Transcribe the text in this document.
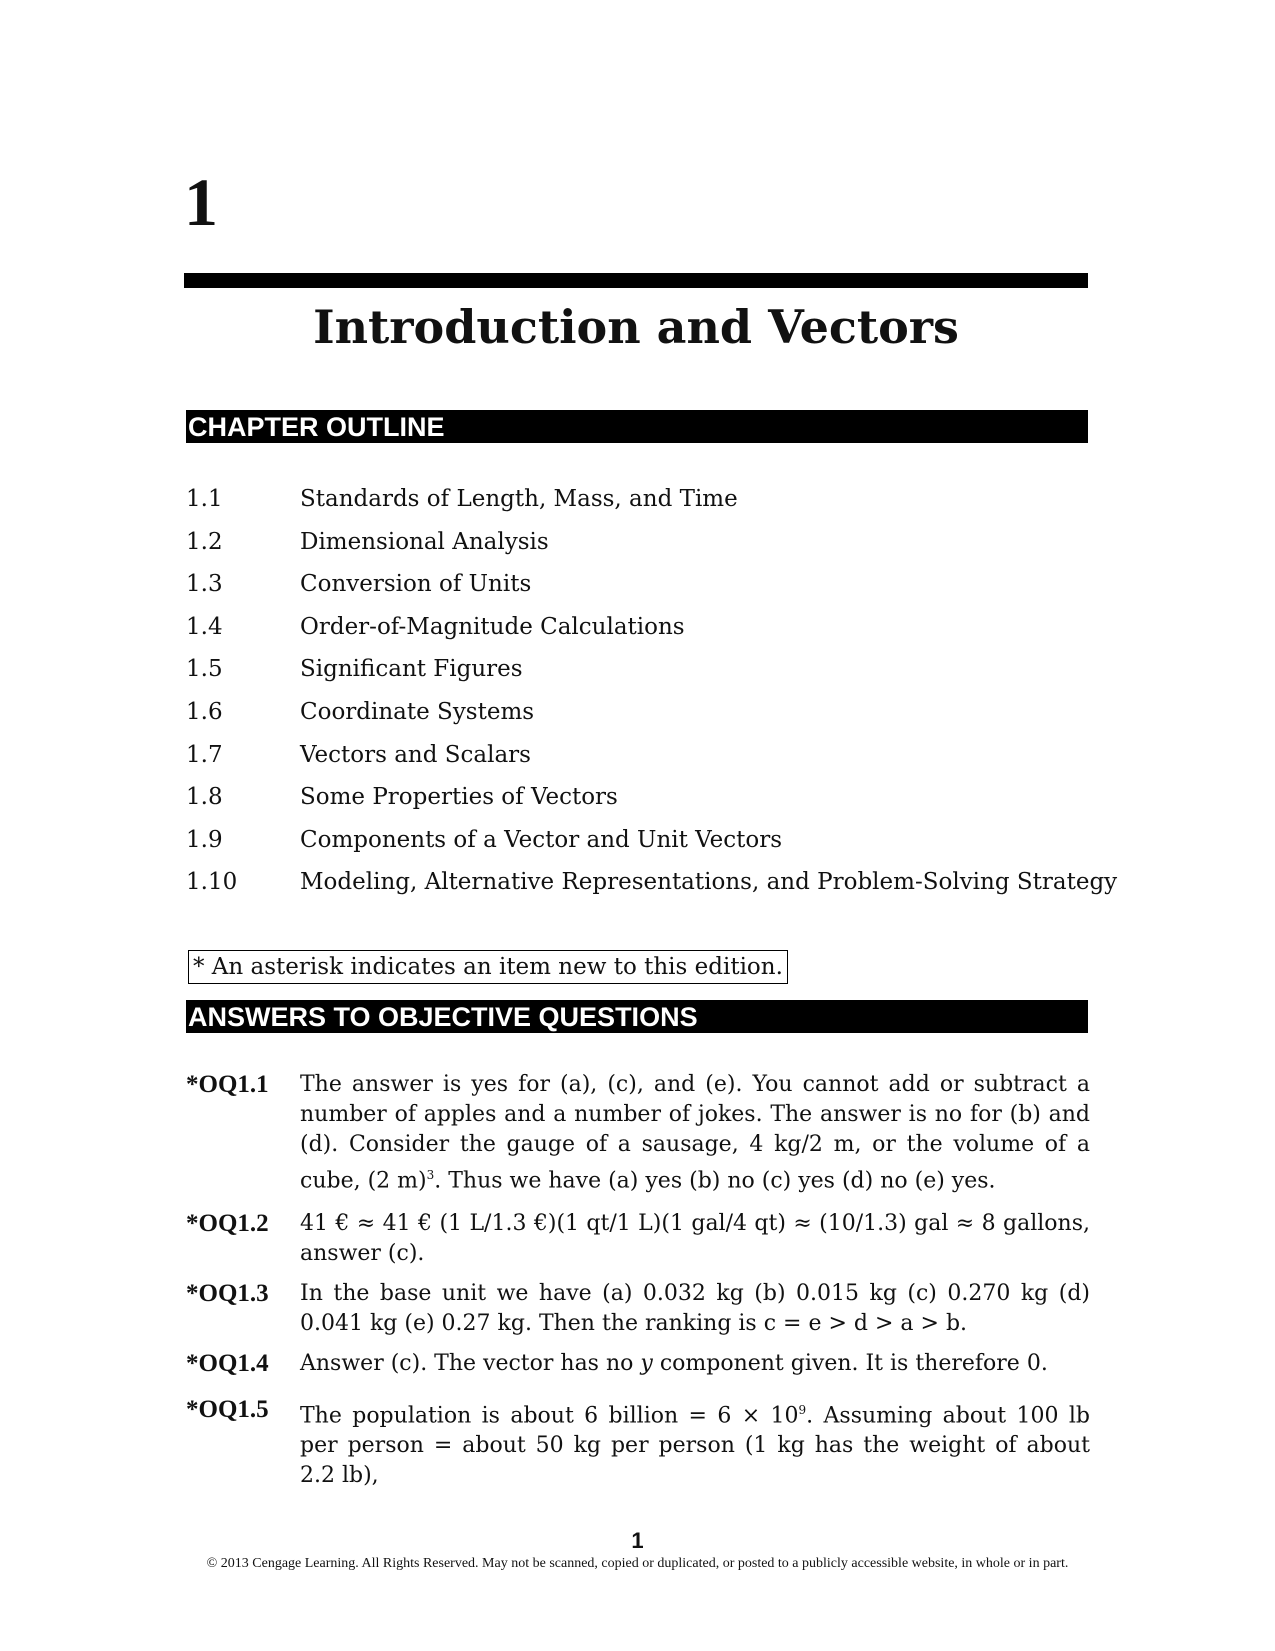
1
Introduction and Vectors
CHAPTER OUTLINE
1.1	Standards of Length, Mass, and Time
1.2	Dimensional Analysis
1.3	Conversion of Units
1.4	Order-of-Magnitude Calculations
1.5	Significant Figures
1.6	Coordinate Systems
1.7	Vectors and Scalars
1.8	Some Properties of Vectors
1.9	Components of a Vector and Unit Vectors
1.10	Modeling, Alternative Representations, and Problem-Solving Strategy
* An asterisk indicates an item new to this edition.
ANSWERS TO OBJECTIVE QUESTIONS
*OQ1.1 The answer is yes for (a), (c), and (e). You cannot add or subtract a number of apples and a number of jokes. The answer is no for (b) and (d). Consider the gauge of a sausage, 4 kg/2 m, or the volume of a cube, (2 m)$^3$. Thus we have (a) yes (b) no (c) yes (d) no (e) yes.
*OQ1.2 41 € ≈ 41 € (1 L/1.3 €)(1 qt/1 L)(1 gal/4 qt) ≈ (10/1.3) gal ≈ 8 gallons, answer (c).
*OQ1.3 In the base unit we have (a) 0.032 kg (b) 0.015 kg (c) 0.270 kg (d) 0.041 kg (e) 0.27 kg. Then the ranking is c = e > d > a > b.
*OQ1.4 Answer (c). The vector has no y component given. It is therefore 0.
*OQ1.5 The population is about 6 billion = $6 \times 10^9$. Assuming about 100 lb per person = about 50 kg per person (1 kg has the weight of about 2.2 lb),
1
© 2013 Cengage Learning. All Rights Reserved. May not be scanned, copied or duplicated, or posted to a publicly accessible website, in whole or in part.
